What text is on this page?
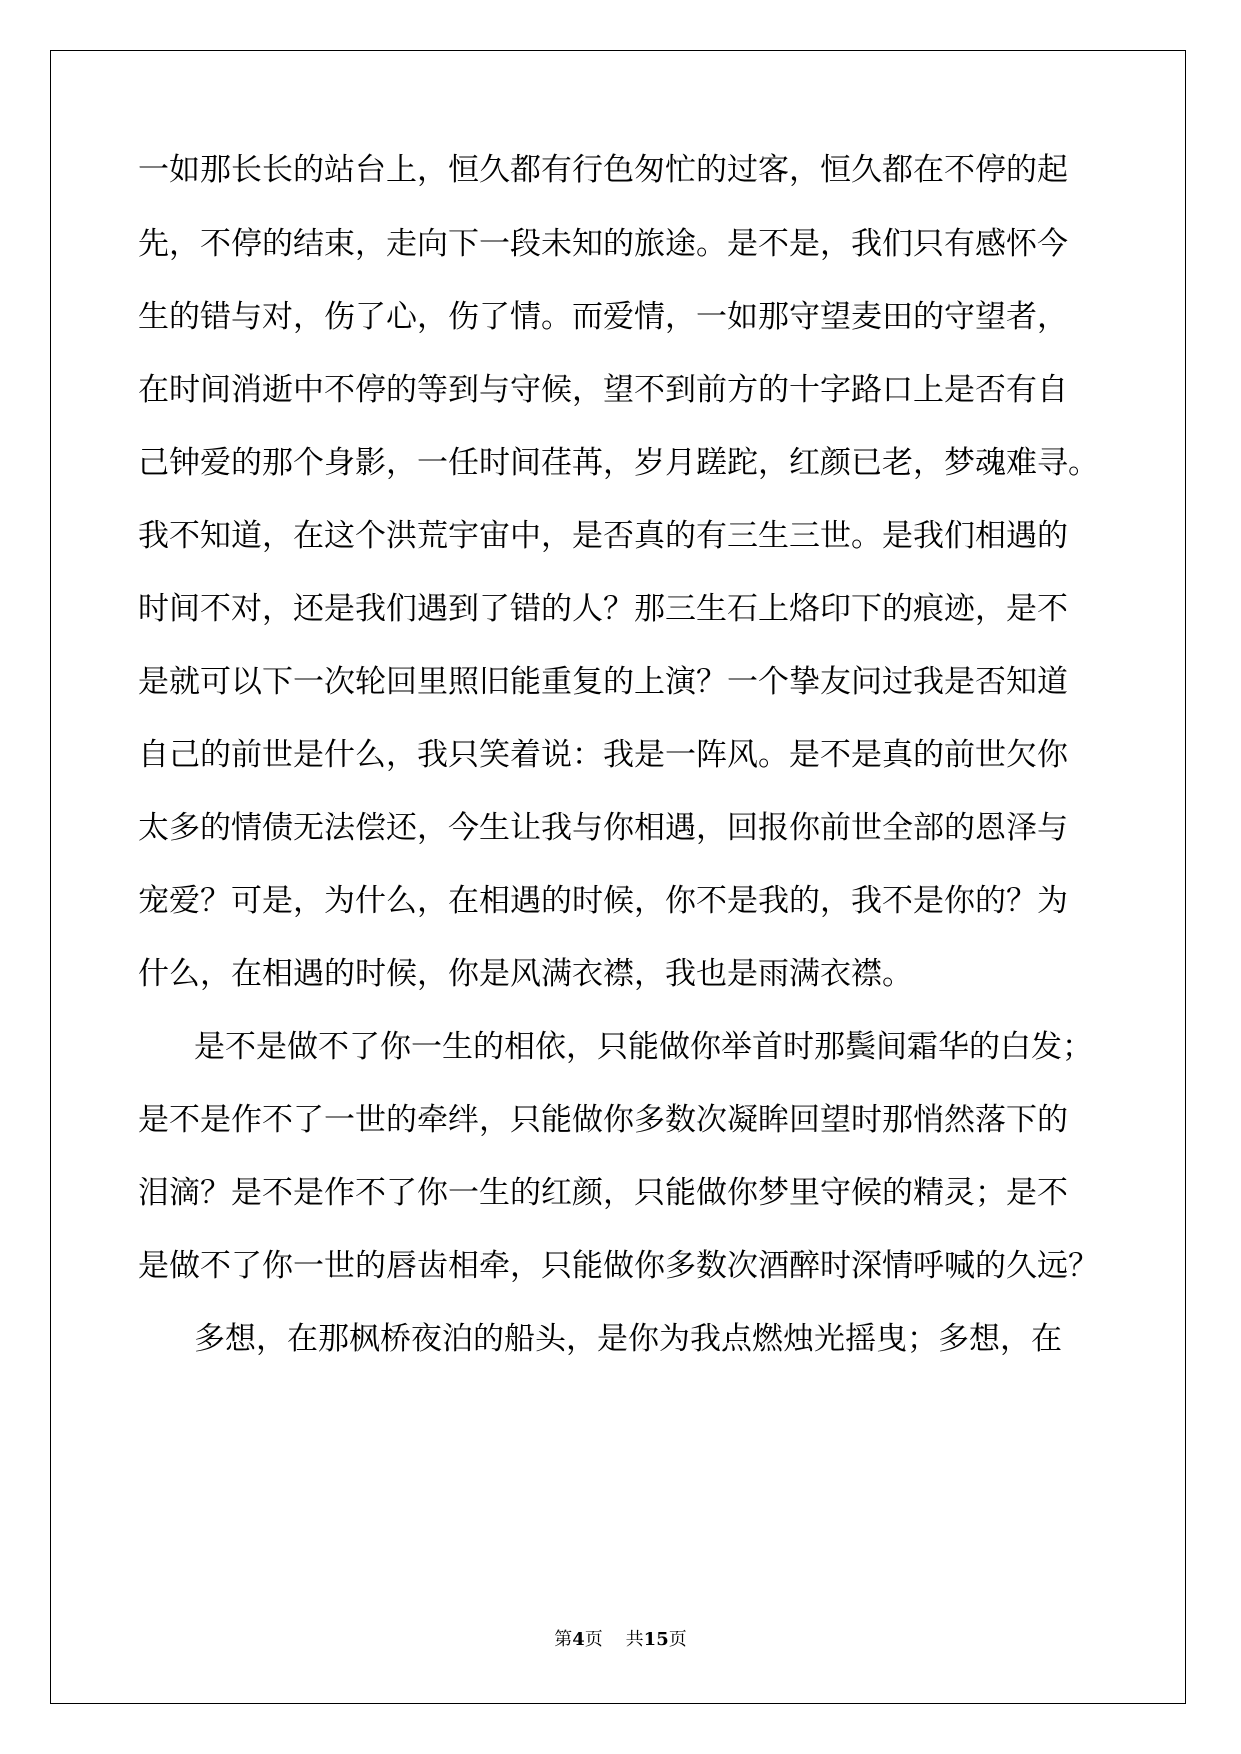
一如那长长的站台上，恒久都有行色匆忙的过客，恒久都在不停的起
先，不停的结束，走向下一段未知的旅途。是不是，我们只有感怀今
生的错与对，伤了心，伤了情。而爱情，一如那守望麦田的守望者，
在时间消逝中不停的等到与守候，望不到前方的十字路口上是否有自
己钟爱的那个身影，一任时间荏苒，岁月蹉跎，红颜已老，梦魂难寻。
我不知道，在这个洪荒宇宙中，是否真的有三生三世。是我们相遇的
时间不对，还是我们遇到了错的人？那三生石上烙印下的痕迹，是不
是就可以下一次轮回里照旧能重复的上演？一个挚友问过我是否知道
自己的前世是什么，我只笑着说：我是一阵风。是不是真的前世欠你
太多的情债无法偿还，今生让我与你相遇，回报你前世全部的恩泽与
宠爱？可是，为什么，在相遇的时候，你不是我的，我不是你的？为
什么，在相遇的时候，你是风满衣襟，我也是雨满衣襟。
是不是做不了你一生的相依，只能做你举首时那鬓间霜华的白发；
是不是作不了一世的牵绊，只能做你多数次凝眸回望时那悄然落下的
泪滴？是不是作不了你一生的红颜，只能做你梦里守候的精灵；是不
是做不了你一世的唇齿相牵，只能做你多数次酒醉时深情呼喊的久远？
多想，在那枫桥夜泊的船头，是你为我点燃烛光摇曳；多想，在
第4页 共15页
